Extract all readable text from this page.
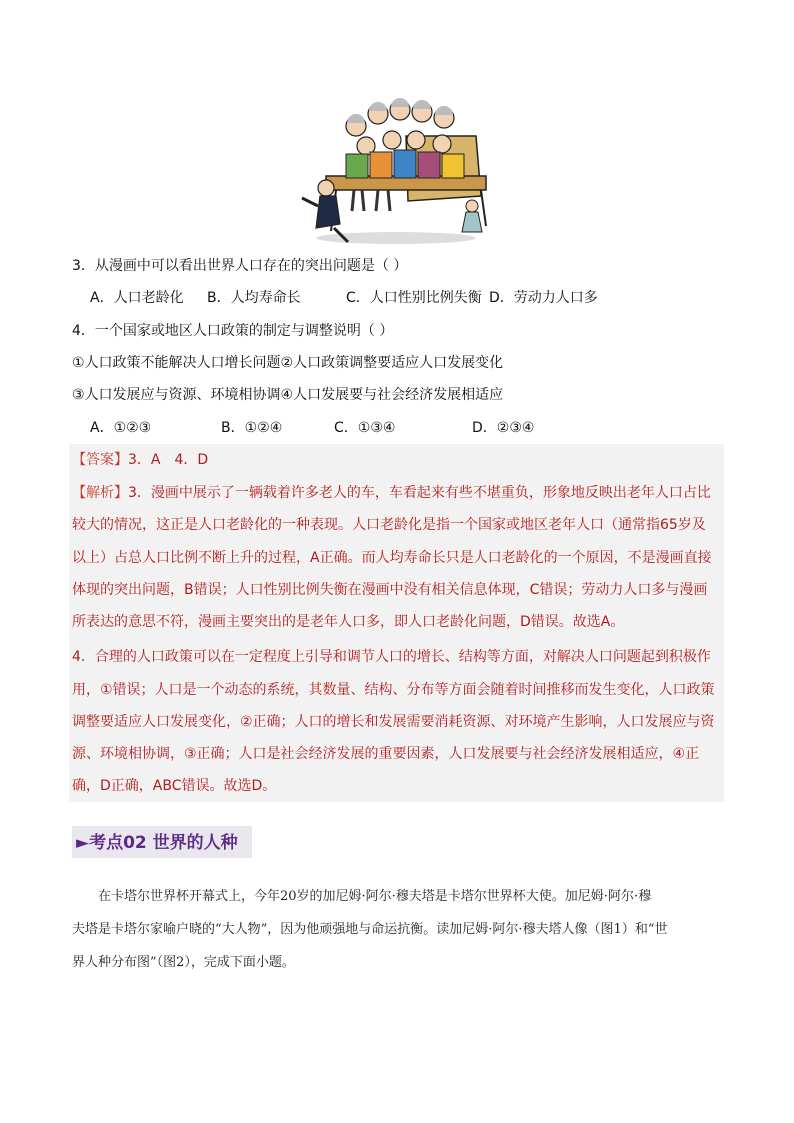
3．从漫画中可以看出世界人口存在的突出问题是（ ）
A．人口老龄化 B．人均寿命长	C．人口性别比例失衡 D．劳动力人口多
4．一个国家或地区人口政策的制定与调整说明（ ）
①人口政策不能解决人口增长问题②人口政策调整要适应人口发展变化
③人口发展应与资源、环境相协调④人口发展要与社会经济发展相适应
A．①②③	B．①②④	C．①③④	D．②③④
【答案】3．A　4．D
【解析】3．漫画中展示了一辆载着许多老人的车，车看起来有些不堪重负，形象地反映出老年人口占比
较大的情况，这正是人口老龄化的一种表现。人口老龄化是指一个国家或地区老年人口（通常指65岁及
以上）占总人口比例不断上升的过程，A正确。而人均寿命长只是人口老龄化的一个原因，不是漫画直接
体现的突出问题，B错误；人口性别比例失衡在漫画中没有相关信息体现，C错误；劳动力人口多与漫画
所表达的意思不符，漫画主要突出的是老年人口多，即人口老龄化问题，D错误。故选A。
4．合理的人口政策可以在一定程度上引导和调节人口的增长、结构等方面，对解决人口问题起到积极作
用，①错误；人口是一个动态的系统，其数量、结构、分布等方面会随着时间推移而发生变化，人口政策
调整要适应人口发展变化，②正确；人口的增长和发展需要消耗资源、对环境产生影响，人口发展应与资
源、环境相协调，③正确；人口是社会经济发展的重要因素，人口发展要与社会经济发展相适应，④正
确，D正确，ABC错误。故选D。
►考点02 世界的人种
　　在卡塔尔世界杯开幕式上，今年20岁的加尼姆·阿尔·穆夫塔是卡塔尔世界杯大使。加尼姆·阿尔·穆
夫塔是卡塔尔家喻户晓的“大人物”，因为他顽强地与命运抗衡。读加尼姆·阿尔·穆夫塔人像（图1）和“世
界人种分布图”（图2），完成下面小题。
